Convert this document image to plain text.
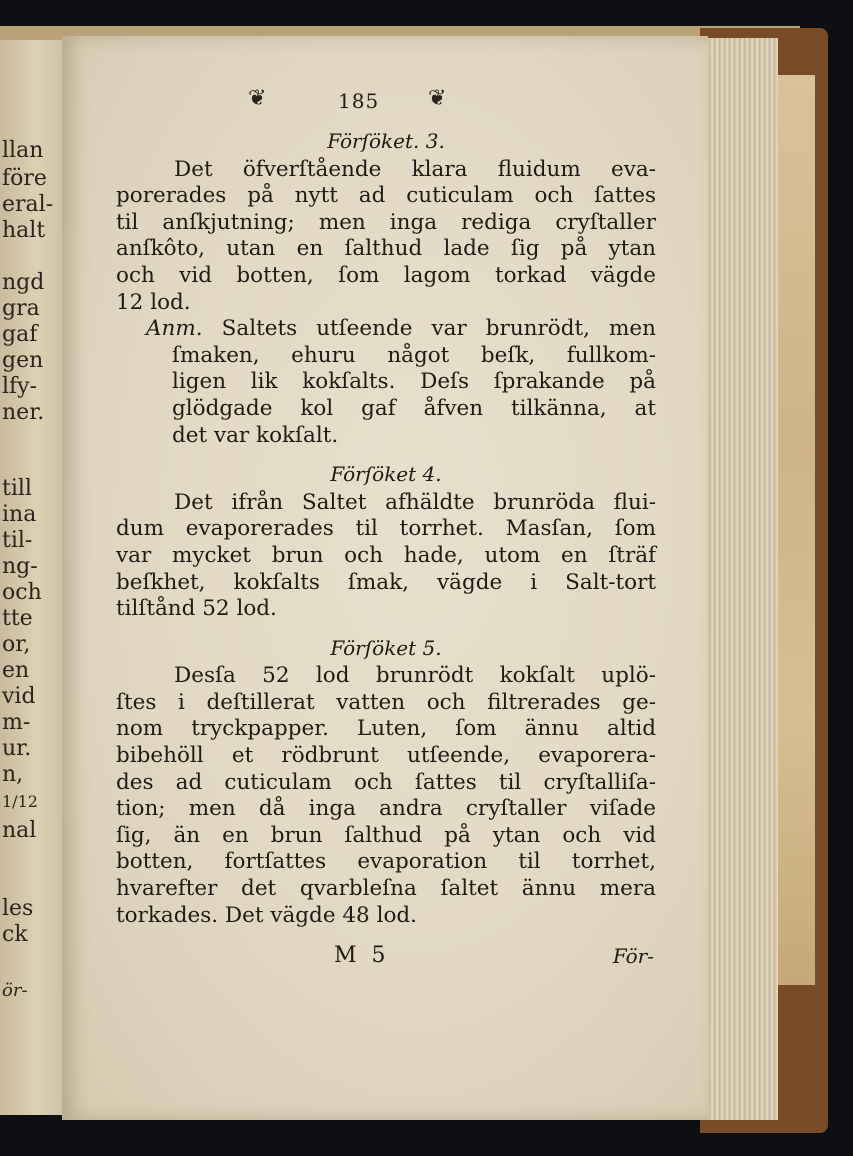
llan
före
eral-
halt
ngd
gra
gaf
gen
lfy-
ner.
till
ina
til-
ng-
och
tte
or,
en
vid
m-
ur.
n,
1/12
nal
les
ck
ör-
❦	185 ❦
Förſöket. 3.
Det öfverſtående klara fluidum eva-
porerades på nytt ad cuticulam och ſattes
til anſkjutning; men inga rediga cryſtaller
anſkôto, utan en ſalthud lade ſig på ytan
och vid botten, ſom lagom torkad vägde
12 lod.
Anm. Saltets utſeende var brunrödt, men
ſmaken, ehuru något beſk, fullkom-
ligen lik kokſalts. Deſs ſprakande på
glödgade kol gaf åfven tilkänna, at
det var kokſalt.
Förſöket 4.
Det ifrån Saltet afhäldte brunröda flui-
dum evaporerades til torrhet. Masſan, ſom
var mycket brun och hade, utom en ſträf
beſkhet, kokſalts ſmak, vägde i Salt-tort
tilſtånd 52 lod.
Förſöket 5.
Desſa 52 lod brunrödt kokſalt uplö-
ſtes i deſtillerat vatten och filtrerades ge-
nom tryckpapper. Luten, ſom ännu altid
bibehöll et rödbrunt utſeende, evaporera-
des ad cuticulam och ſattes til cryſtalliſa-
tion; men då inga andra cryſtaller viſade
ſig, än en brun ſalthud på ytan och vid
botten, fortſattes evaporation til torrhet,
hvarefter det qvarbleſna ſaltet ännu mera
torkades. Det vägde 48 lod.
M 5	För-
